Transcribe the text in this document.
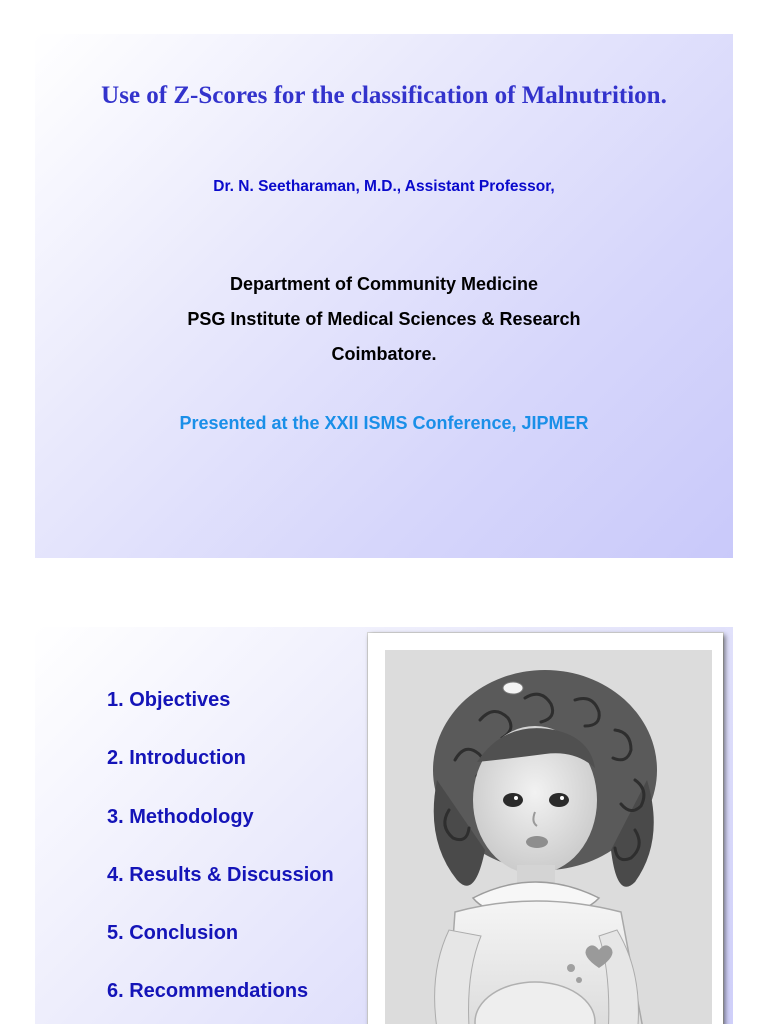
Use of Z-Scores for the classification of Malnutrition.
Dr. N. Seetharaman, M.D., Assistant Professor,
Department of Community Medicine
PSG Institute of Medical Sciences & Research
Coimbatore.
Presented at the XXII ISMS Conference, JIPMER
1. Objectives
2. Introduction
3. Methodology
4. Results & Discussion
5. Conclusion
6. Recommendations
